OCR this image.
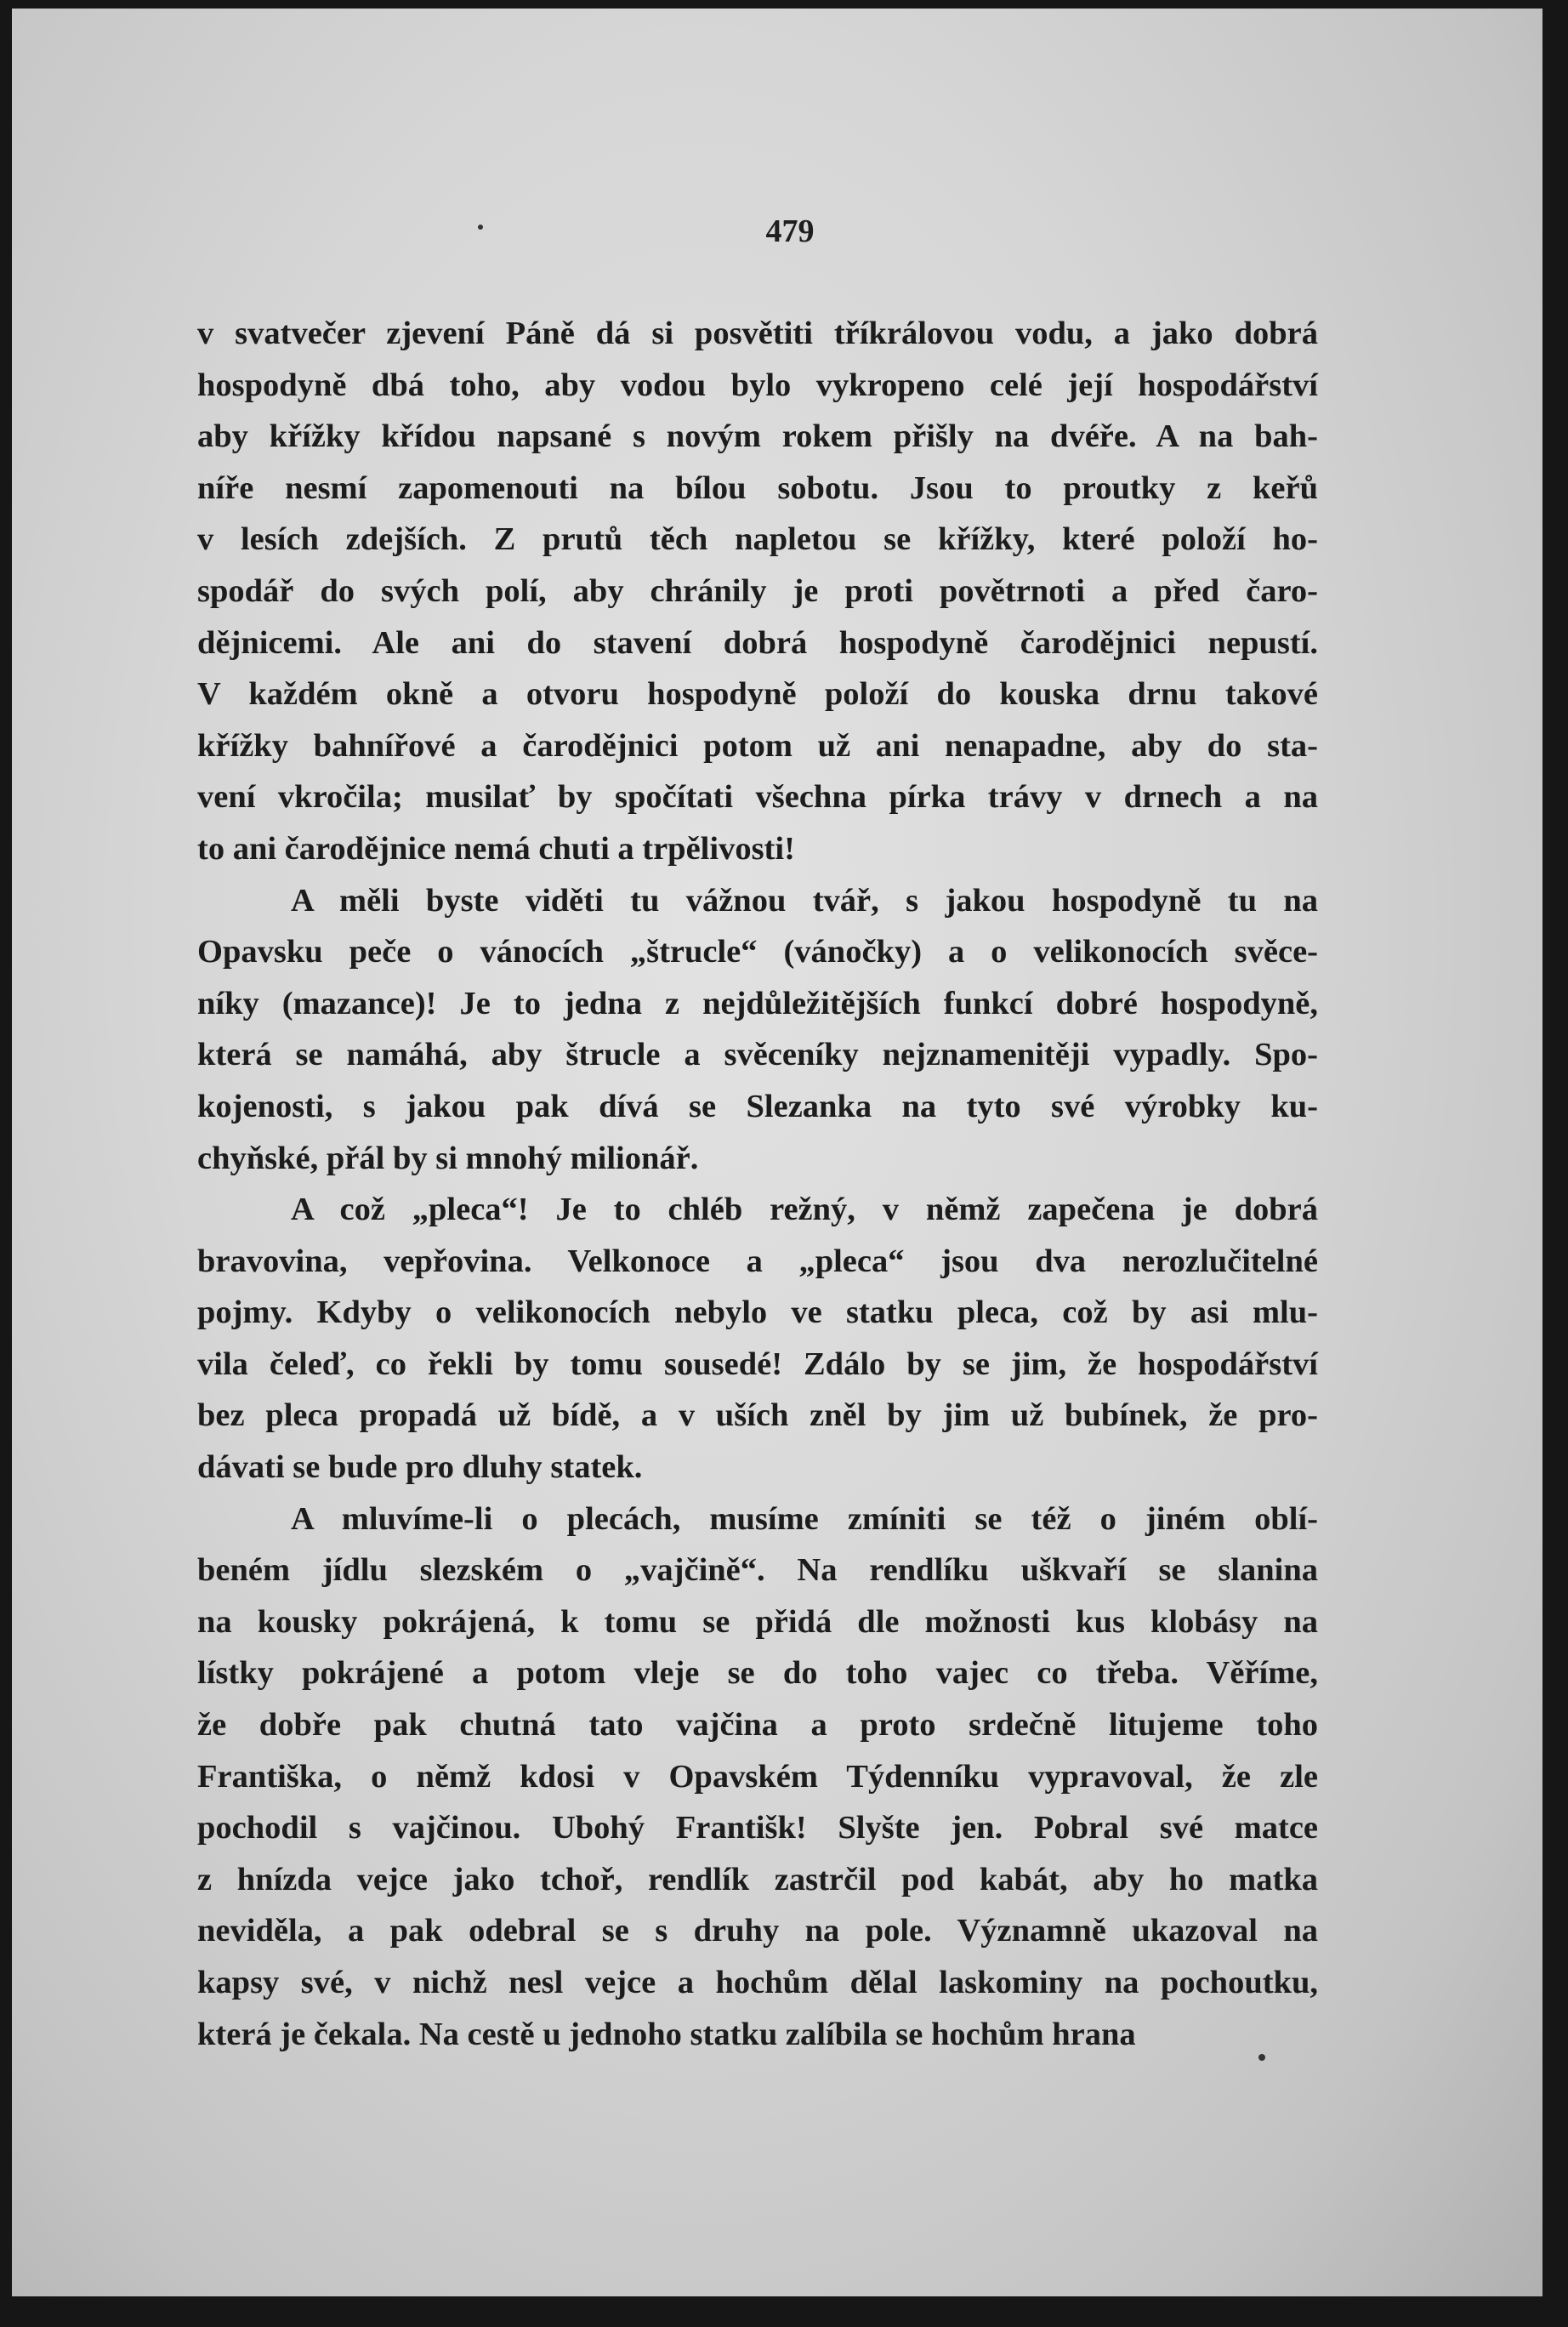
479
v svatvečer zjevení Páně dá si posvětiti tříkrálovou vodu, a jako dobrá
hospodyně dbá toho, aby vodou bylo vykropeno celé její hospodářství
aby křížky křídou napsané s novým rokem přišly na dvéře. A na bah-
níře nesmí zapomenouti na bílou sobotu. Jsou to proutky z keřů
v lesích zdejších. Z prutů těch napletou se křížky, které položí ho-
spodář do svých polí, aby chránily je proti povětrnoti a před čaro-
dějnicemi. Ale ani do stavení dobrá hospodyně čarodějnici nepustí.
V každém okně a otvoru hospodyně položí do kouska drnu takové
křížky bahnířové a čarodějnici potom už ani nenapadne, aby do sta-
vení vkročila; musilať by spočítati všechna pírka trávy v drnech a na
to ani čarodějnice nemá chuti a trpělivosti!
A měli byste viděti tu vážnou tvář, s jakou hospodyně tu na
Opavsku peče o vánocích „štrucle“ (vánočky) a o velikonocích svěce-
níky (mazance)! Je to jedna z nejdůležitějších funkcí dobré hospodyně,
která se namáhá, aby štrucle a svěceníky nejznamenitěji vypadly. Spo-
kojenosti, s jakou pak dívá se Slezanka na tyto své výrobky ku-
chyňské, přál by si mnohý milionář.
A což „pleca“! Je to chléb režný, v němž zapečena je dobrá
bravovina, vepřovina. Velkonoce a „pleca“ jsou dva nerozlučitelné
pojmy. Kdyby o velikonocích nebylo ve statku pleca, což by asi mlu-
vila čeleď, co řekli by tomu sousedé! Zdálo by se jim, že hospodářství
bez pleca propadá už bídě, a v uších zněl by jim už bubínek, že pro-
dávati se bude pro dluhy statek.
A mluvíme-li o plecách, musíme zmíniti se též o jiném oblí-
beném jídlu slezském o „vajčině“. Na rendlíku uškvaří se slanina
na kousky pokrájená, k tomu se přidá dle možnosti kus klobásy na
lístky pokrájené a potom vleje se do toho vajec co třeba. Věříme,
že dobře pak chutná tato vajčina a proto srdečně litujeme toho
Františka, o němž kdosi v Opavském Týdenníku vypravoval, že zle
pochodil s vajčinou. Ubohý Františk! Slyšte jen. Pobral své matce
z hnízda vejce jako tchoř, rendlík zastrčil pod kabát, aby ho matka
neviděla, a pak odebral se s druhy na pole. Významně ukazoval na
kapsy své, v nichž nesl vejce a hochům dělal laskominy na pochoutku,
která je čekala. Na cestě u jednoho statku zalíbila se hochům hrana
